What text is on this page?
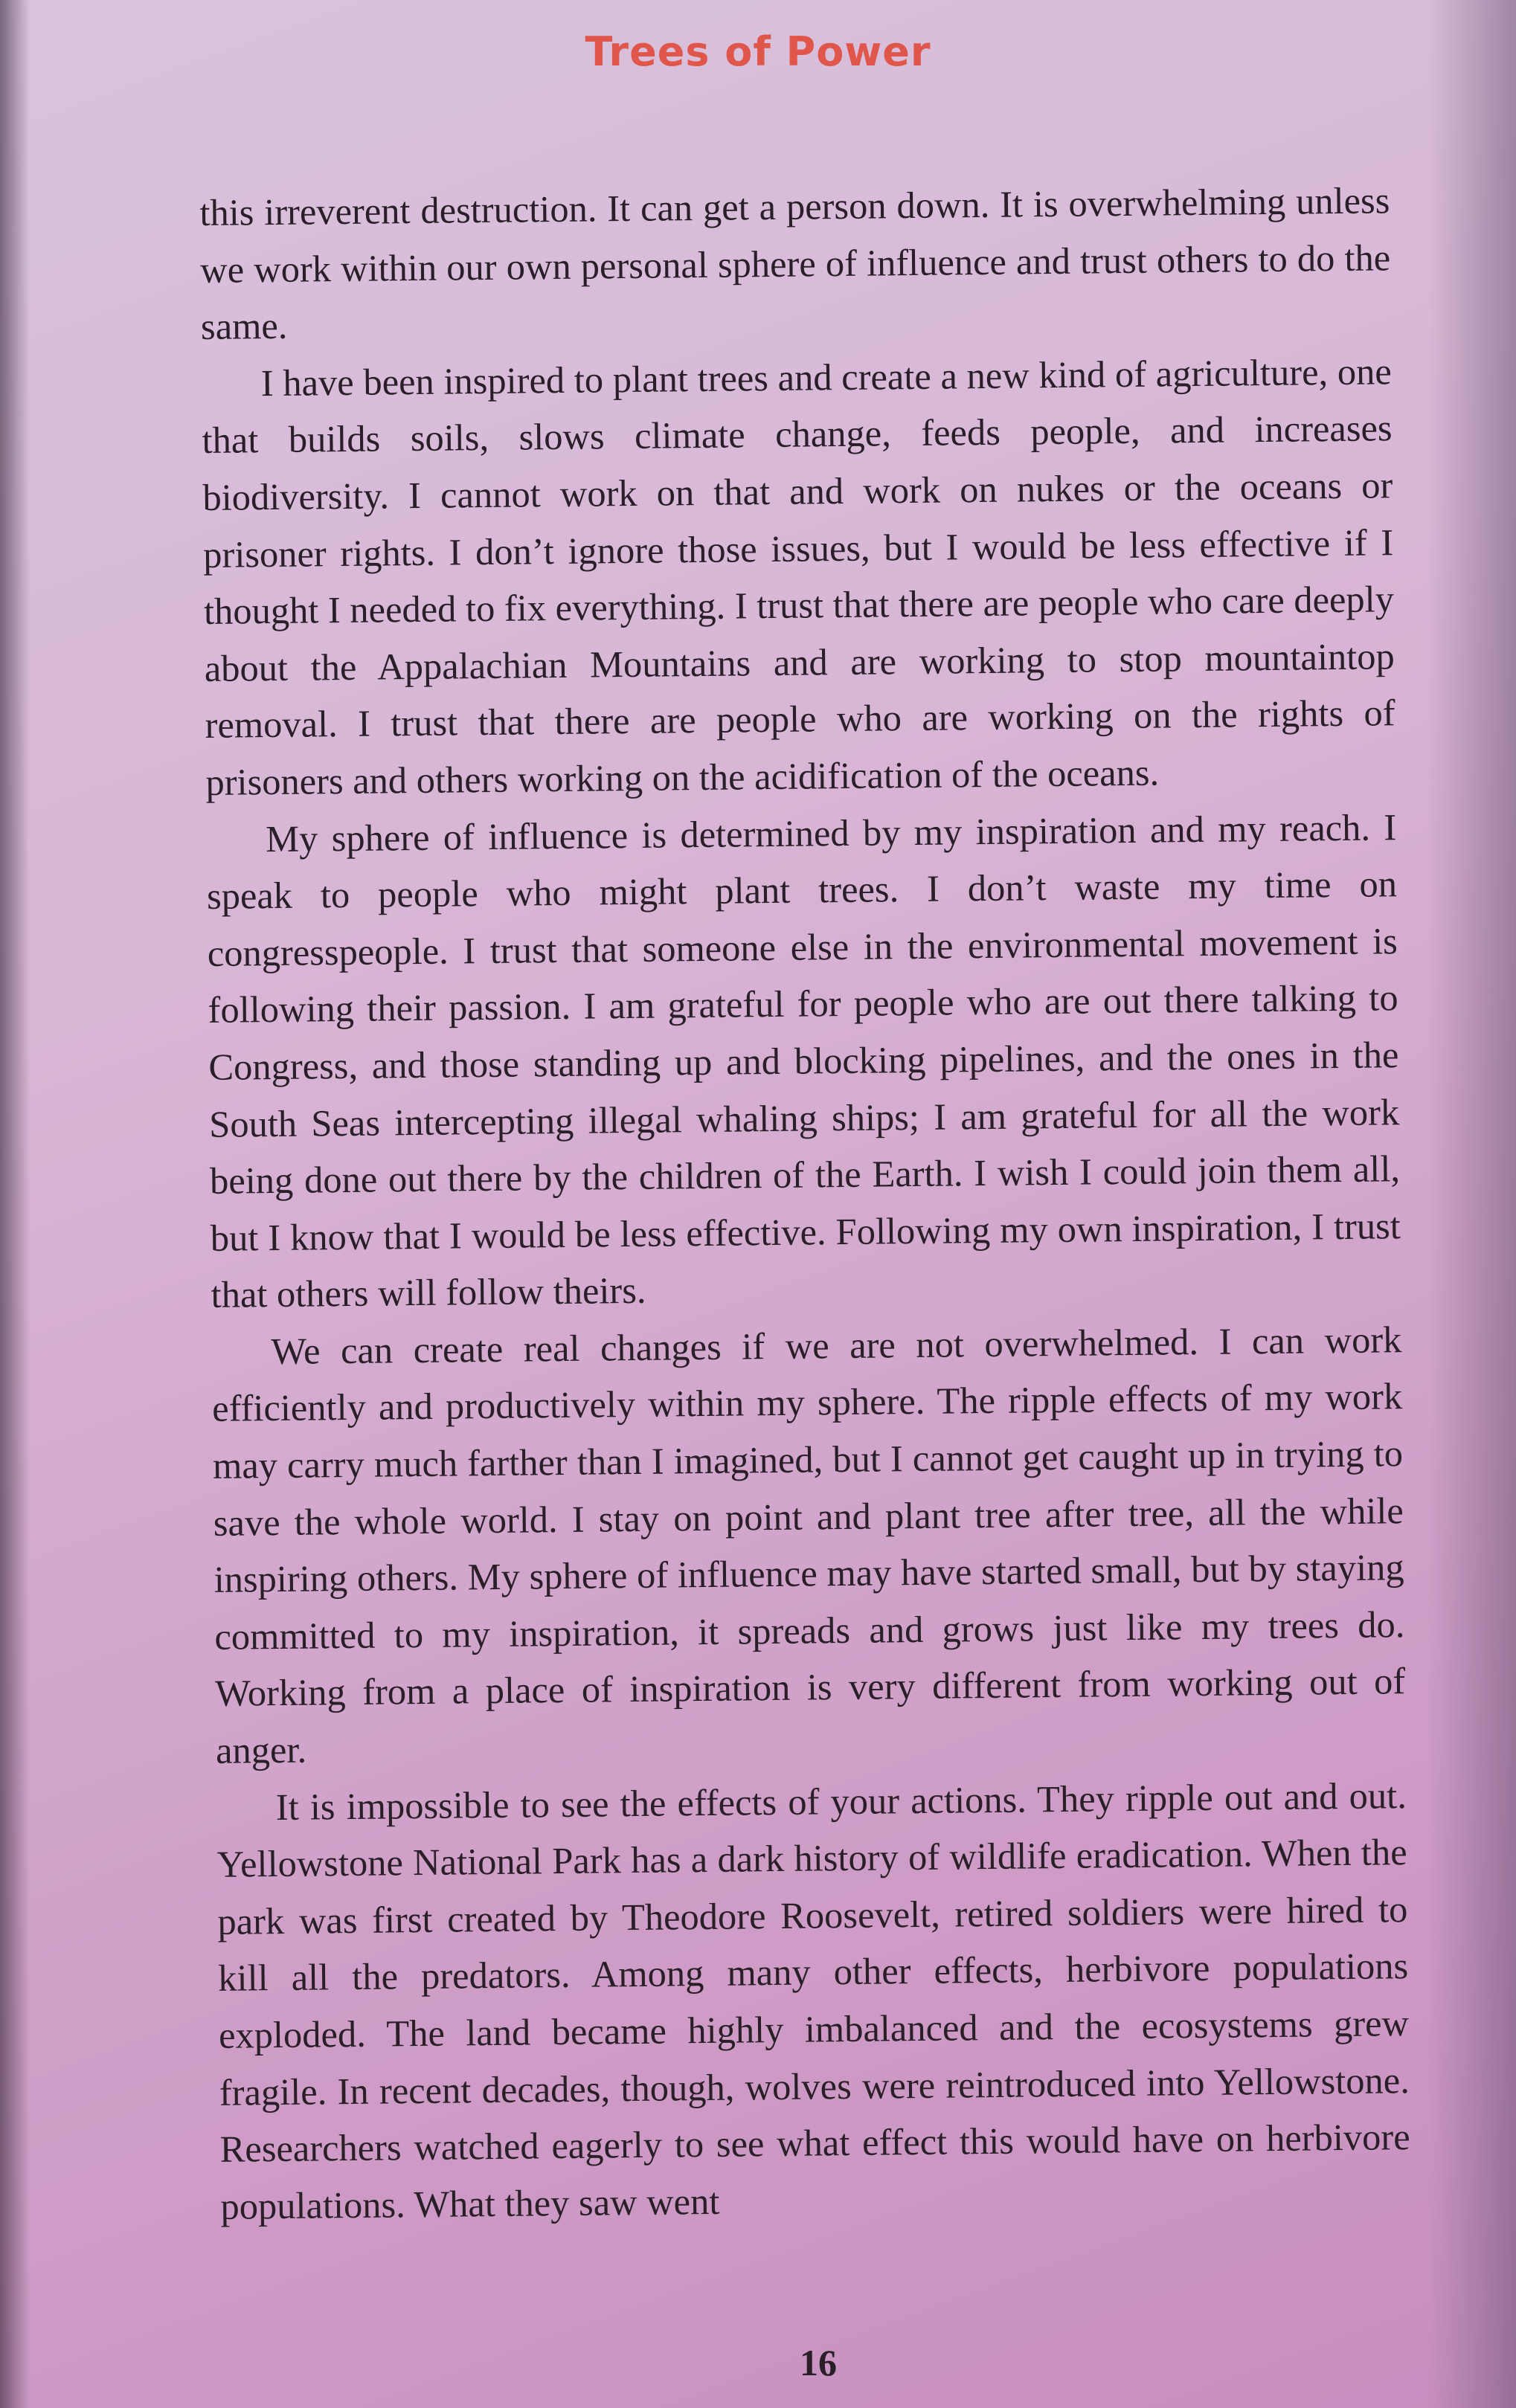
Trees of Power

this irreverent destruction. It can get a person down. It is overwhelming unless we work within our own personal sphere of influence and trust others to do the same.

I have been inspired to plant trees and create a new kind of agriculture, one that builds soils, slows climate change, feeds people, and increases biodiversity. I cannot work on that and work on nukes or the oceans or prisoner rights. I don’t ignore those issues, but I would be less effective if I thought I needed to fix everything. I trust that there are people who care deeply about the Appalachian Mountains and are working to stop mountaintop removal. I trust that there are people who are working on the rights of prisoners and others working on the acidification of the oceans.

My sphere of influence is determined by my inspiration and my reach. I speak to people who might plant trees. I don’t waste my time on congresspeople. I trust that someone else in the environmental movement is following their passion. I am grateful for people who are out there talking to Congress, and those standing up and blocking pipelines, and the ones in the South Seas intercepting illegal whaling ships; I am grateful for all the work being done out there by the children of the Earth. I wish I could join them all, but I know that I would be less effective. Following my own inspiration, I trust that others will follow theirs.

We can create real changes if we are not overwhelmed. I can work efficiently and productively within my sphere. The ripple effects of my work may carry much farther than I imagined, but I cannot get caught up in trying to save the whole world. I stay on point and plant tree after tree, all the while inspiring others. My sphere of influence may have started small, but by staying committed to my inspiration, it spreads and grows just like my trees do. Working from a place of inspiration is very different from working out of anger.

It is impossible to see the effects of your actions. They ripple out and out. Yellowstone National Park has a dark history of wildlife eradication. When the park was first created by Theodore Roosevelt, retired soldiers were hired to kill all the predators. Among many other effects, herbivore populations exploded. The land became highly imbalanced and the ecosystems grew fragile. In recent decades, though, wolves were reintroduced into Yellowstone. Researchers watched eagerly to see what effect this would have on herbivore populations. What they saw went

16
